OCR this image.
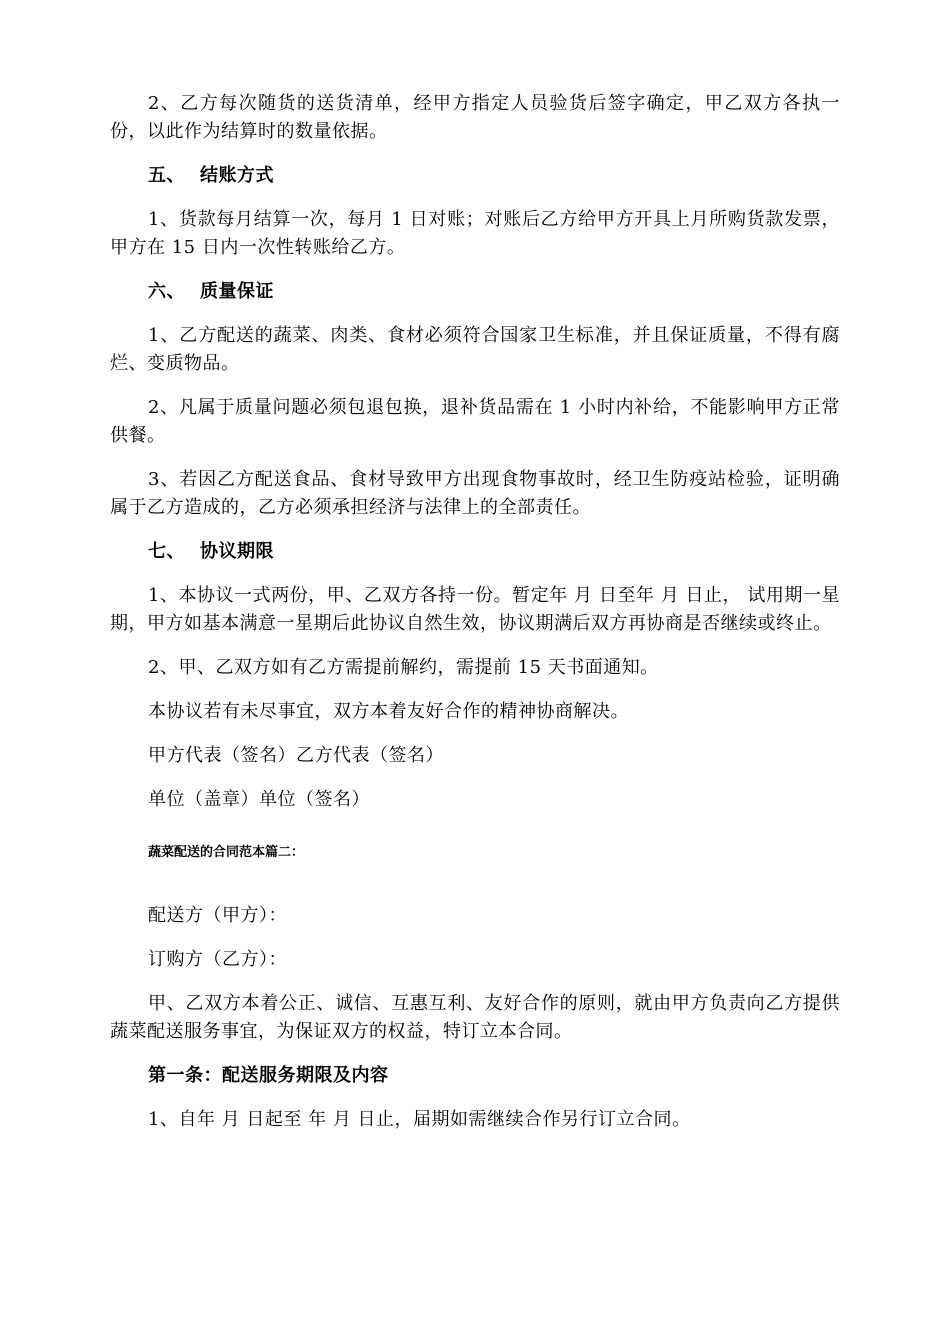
2、乙方每次随货的送货清单，经甲方指定人员验货后签字确定，甲乙双方各执一份，以此作为结算时的数量依据。

五、 结账方式

1、货款每月结算一次，每月 1 日对账；对账后乙方给甲方开具上月所购货款发票，甲方在 15 日内一次性转账给乙方。

六、 质量保证

1、乙方配送的蔬菜、肉类、食材必须符合国家卫生标准，并且保证质量，不得有腐烂、变质物品。

2、凡属于质量问题必须包退包换，退补货品需在 1 小时内补给，不能影响甲方正常供餐。

3、若因乙方配送食品、食材导致甲方出现食物事故时，经卫生防疫站检验，证明确属于乙方造成的，乙方必须承担经济与法律上的全部责任。

七、 协议期限

1、本协议一式两份，甲、乙双方各持一份。暂定年 月 日至年 月 日止， 试用期一星期，甲方如基本满意一星期后此协议自然生效，协议期满后双方再协商是否继续或终止。

2、甲、乙双方如有乙方需提前解约，需提前 15 天书面通知。

本协议若有未尽事宜，双方本着友好合作的精神协商解决。

甲方代表（签名）乙方代表（签名）
单位（盖章）单位（签名）
蔬菜配送的合同范本篇二：
配送方（甲方）：
订购方（乙方）：

甲、乙双方本着公正、诚信、互惠互利、友好合作的原则，就由甲方负责向乙方提供蔬菜配送服务事宜，为保证双方的权益，特订立本合同。

第一条：配送服务期限及内容

1、自年 月 日起至 年 月 日止，届期如需继续合作另行订立合同。
